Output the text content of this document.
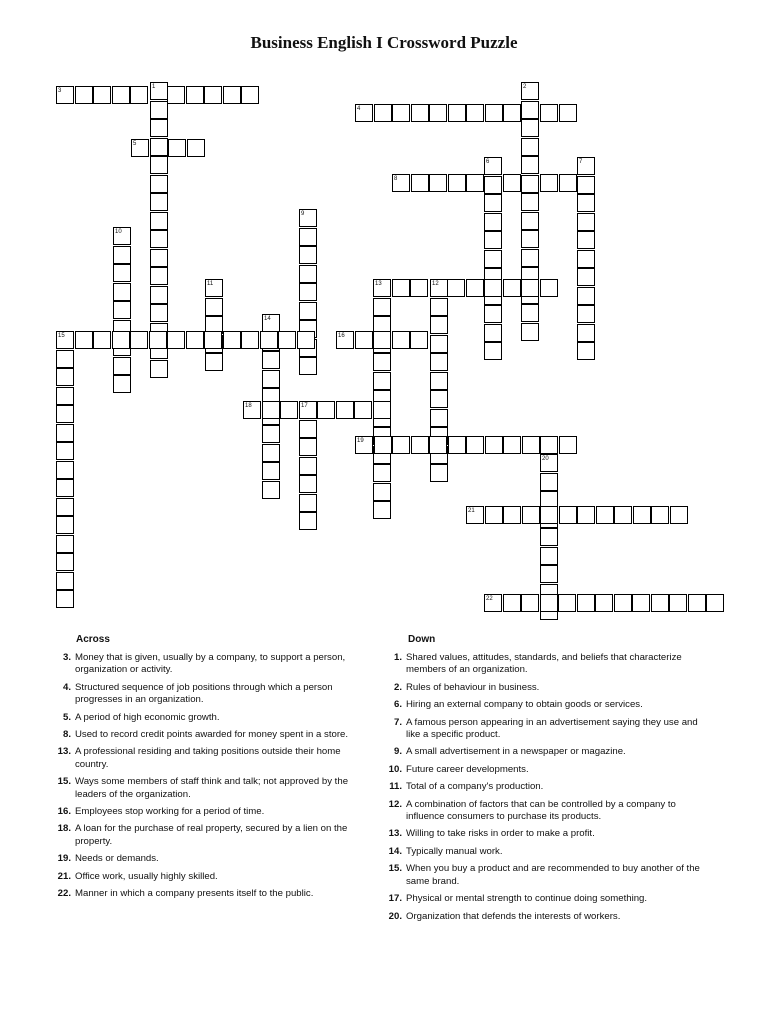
Business English I Crossword Puzzle
1	2
3
4
5
6	7
8
9
10
11	12
13
14
15	16
17
18
19
20
21
22
Across
3. Money that is given, usually by a company, to support a person, organization or activity.
4. Structured sequence of job positions through which a person progresses in an organization.
5. A period of high economic growth.
8. Used to record credit points awarded for money spent in a store.
13. A professional residing and taking positions outside their home country.
15. Ways some members of staff think and talk; not approved by the leaders of the organization.
16. Employees stop working for a period of time.
18. A loan for the purchase of real property, secured by a lien on the property.
19. Needs or demands.
21. Office work, usually highly skilled.
22. Manner in which a company presents itself to the public.
Down
1. Shared values, attitudes, standards, and beliefs that characterize members of an organization.
2. Rules of behaviour in business.
6. Hiring an external company to obtain goods or services.
7. A famous person appearing in an advertisement saying they use and like a specific product.
9. A small advertisement in a newspaper or magazine.
10. Future career developments.
11. Total of a company's production.
12. A combination of factors that can be controlled by a company to influence consumers to purchase its products.
13. Willing to take risks in order to make a profit.
14. Typically manual work.
15. When you buy a product and are recommended to buy another of the same brand.
17. Physical or mental strength to continue doing something.
20. Organization that defends the interests of workers.
